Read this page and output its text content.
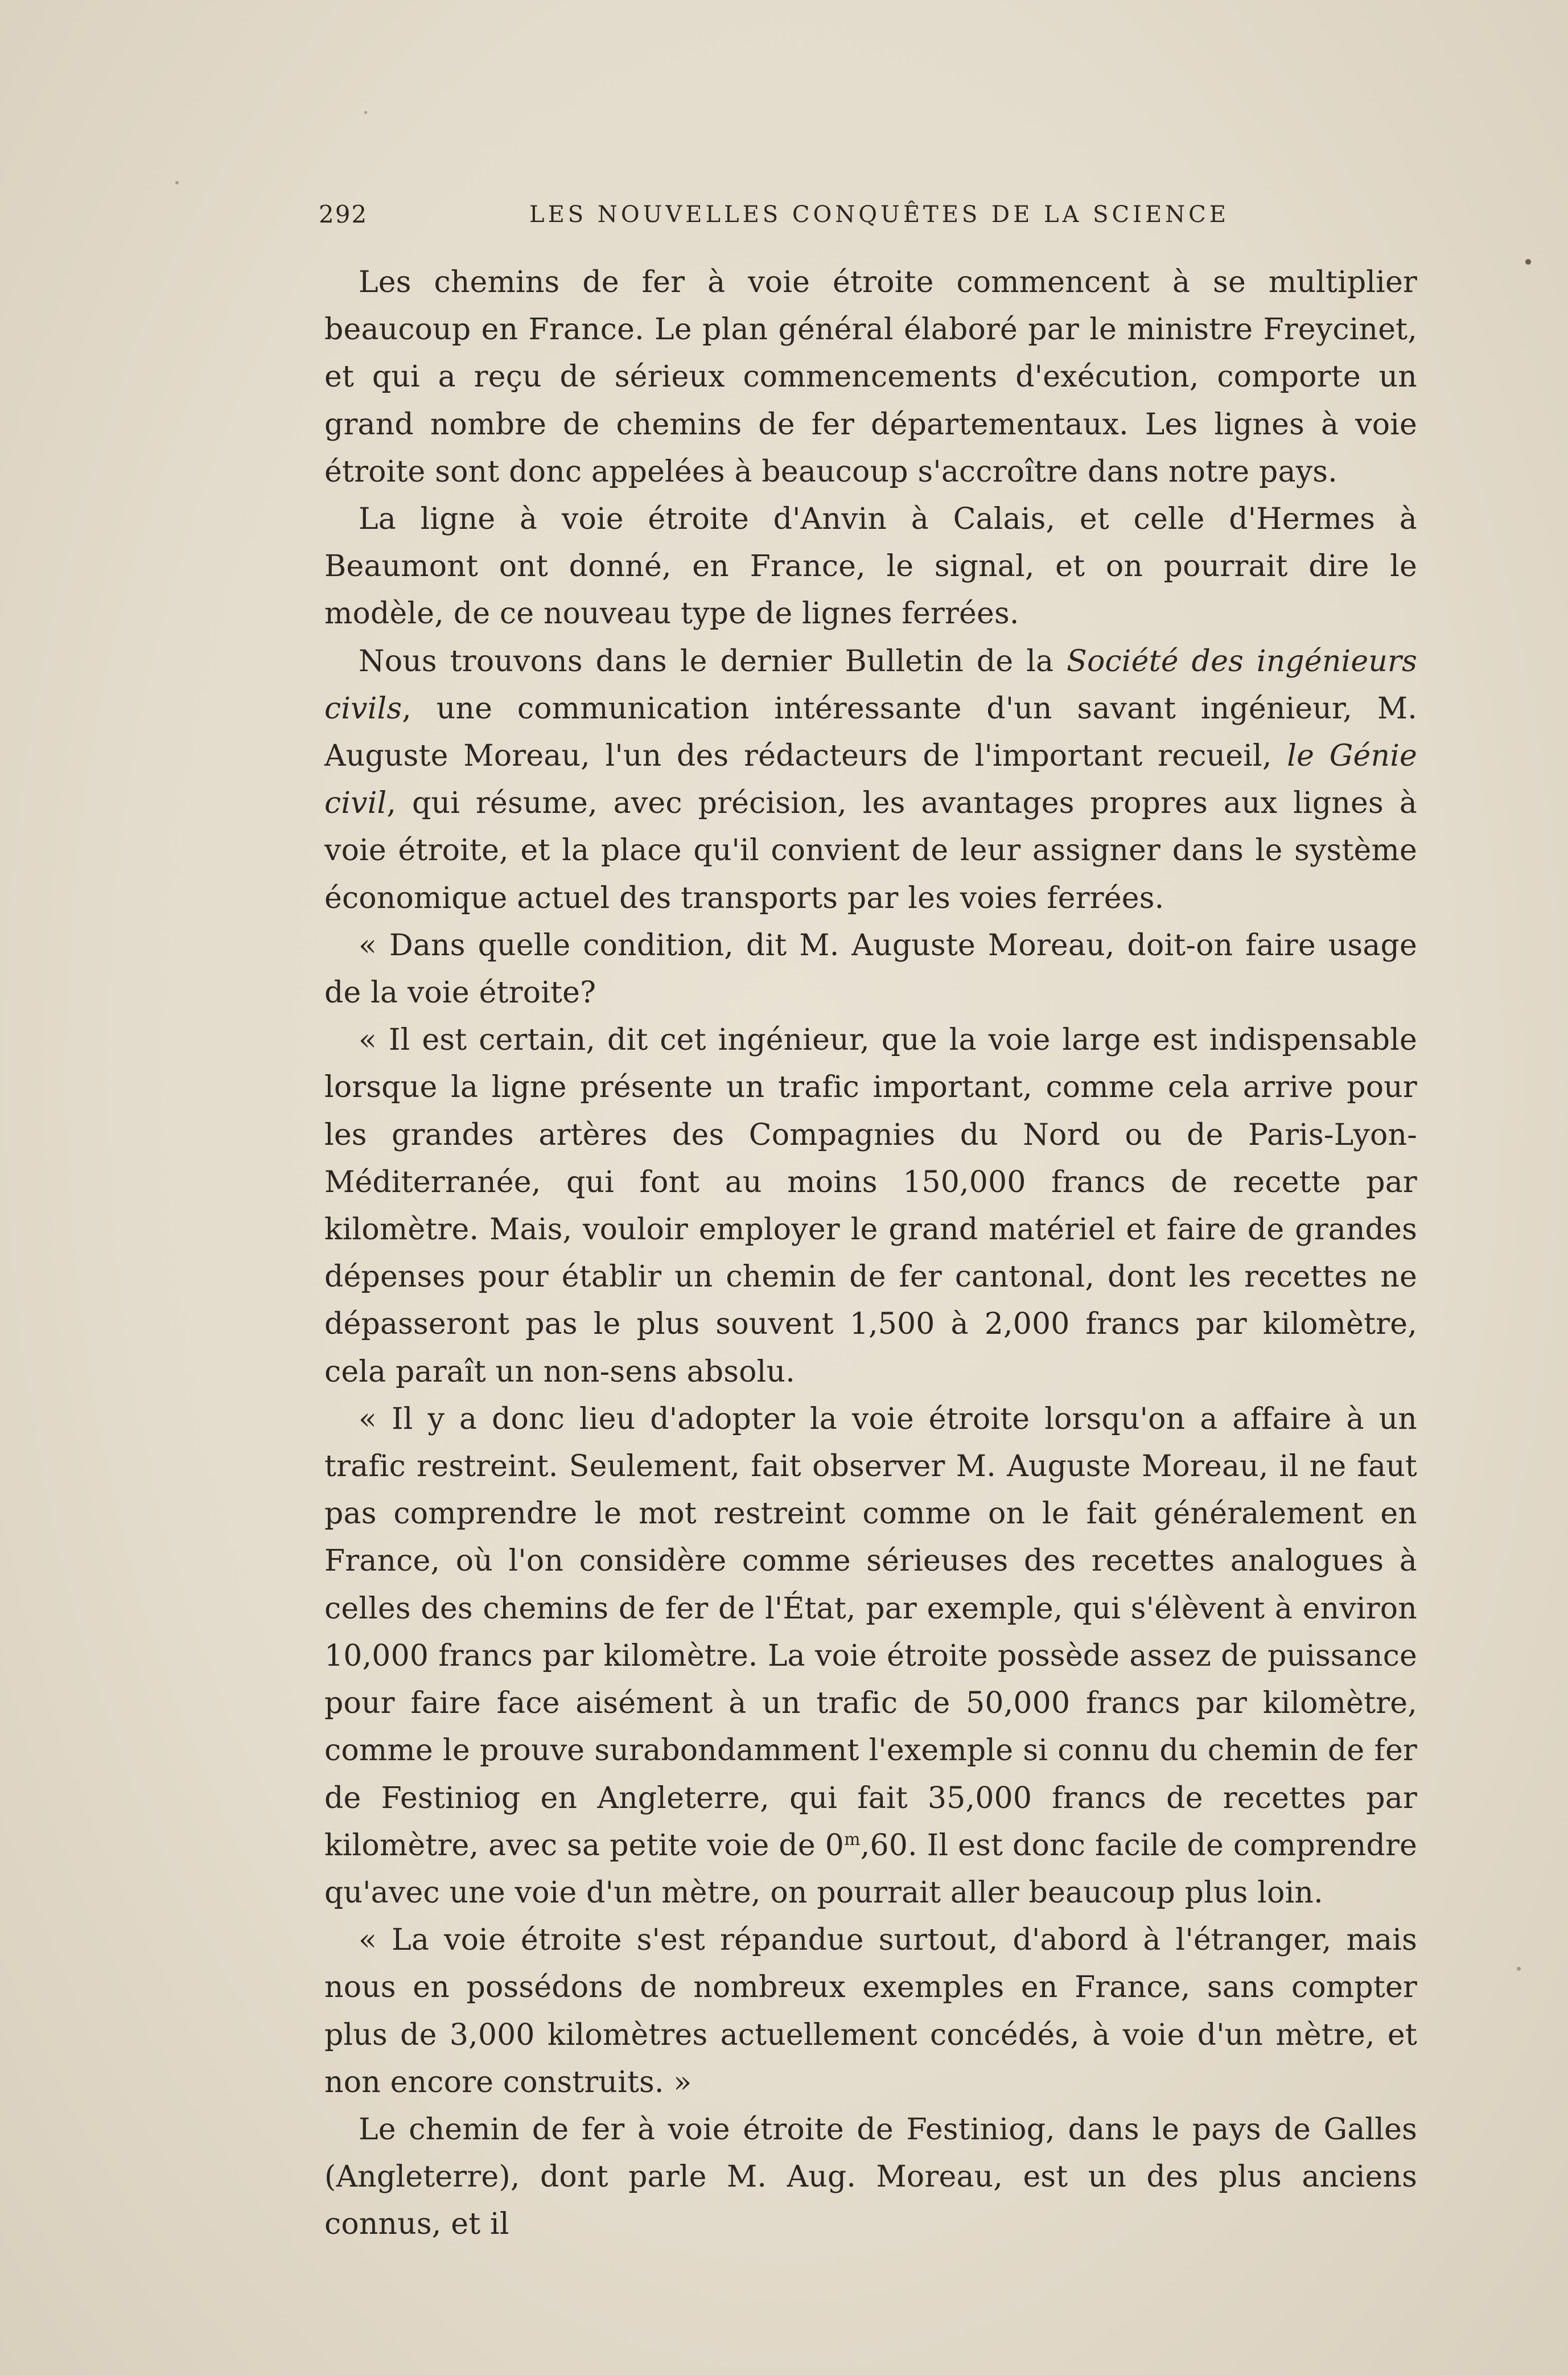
292	LES NOUVELLES CONQUÊTES DE LA SCIENCE

Les chemins de fer à voie étroite commencent à se multiplier beaucoup en France. Le plan général élaboré par le ministre Freycinet, et qui a reçu de sérieux commencements d'exécution, comporte un grand nombre de chemins de fer départementaux. Les lignes à voie étroite sont donc appelées à beaucoup s'accroître dans notre pays.

La ligne à voie étroite d'Anvin à Calais, et celle d'Hermes à Beaumont ont donné, en France, le signal, et on pourrait dire le modèle, de ce nouveau type de lignes ferrées.

Nous trouvons dans le dernier Bulletin de la Société des ingénieurs civils, une communication intéressante d'un savant ingénieur, M. Auguste Moreau, l'un des rédacteurs de l'important recueil, le Génie civil, qui résume, avec précision, les avantages propres aux lignes à voie étroite, et la place qu'il convient de leur assigner dans le système économique actuel des transports par les voies ferrées.

« Dans quelle condition, dit M. Auguste Moreau, doit-on faire usage de la voie étroite?

« Il est certain, dit cet ingénieur, que la voie large est indispensable lorsque la ligne présente un trafic important, comme cela arrive pour les grandes artères des Compagnies du Nord ou de Paris-Lyon-Méditerranée, qui font au moins 150,000 francs de recette par kilomètre. Mais, vouloir employer le grand matériel et faire de grandes dépenses pour établir un chemin de fer cantonal, dont les recettes ne dépasseront pas le plus souvent 1,500 à 2,000 francs par kilomètre, cela paraît un non-sens absolu.

« Il y a donc lieu d'adopter la voie étroite lorsqu'on a affaire à un trafic restreint. Seulement, fait observer M. Auguste Moreau, il ne faut pas comprendre le mot restreint comme on le fait généralement en France, où l'on considère comme sérieuses des recettes analogues à celles des chemins de fer de l'État, par exemple, qui s'élèvent à environ 10,000 francs par kilomètre. La voie étroite possède assez de puissance pour faire face aisément à un trafic de 50,000 francs par kilomètre, comme le prouve surabondamment l'exemple si connu du chemin de fer de Festiniog en Angleterre, qui fait 35,000 francs de recettes par kilomètre, avec sa petite voie de 0$^m$,60. Il est donc facile de comprendre qu'avec une voie d'un mètre, on pourrait aller beaucoup plus loin.

« La voie étroite s'est répandue surtout, d'abord à l'étranger, mais nous en possédons de nombreux exemples en France, sans compter plus de 3,000 kilomètres actuellement concédés, à voie d'un mètre, et non encore construits. »

Le chemin de fer à voie étroite de Festiniog, dans le pays de Galles (Angleterre), dont parle M. Aug. Moreau, est un des plus anciens connus, et il
